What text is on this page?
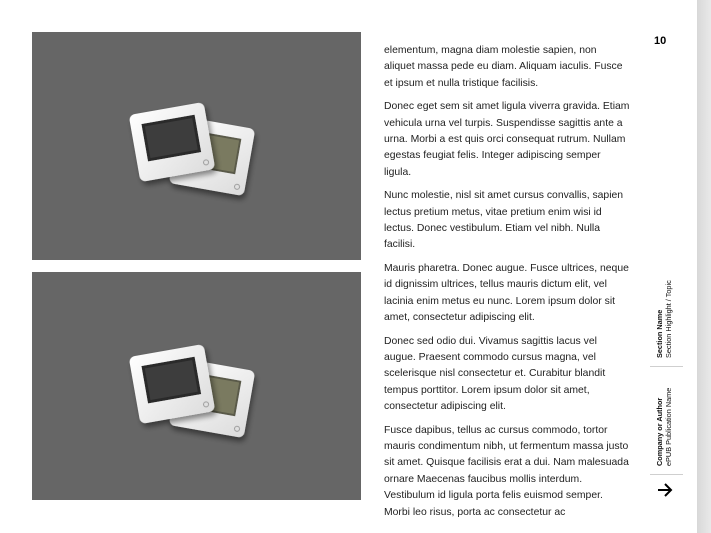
elementum, magna diam molestie sapien, non aliquet massa pede eu diam. Aliquam iaculis. Fusce et ipsum et nulla tristique facilisis.

Donec eget sem sit amet ligula viverra gravida. Etiam vehicula urna vel turpis. Suspendisse sagittis ante a urna. Morbi a est quis orci consequat rutrum. Nullam egestas feugiat felis. Integer adipiscing semper ligula.

Nunc molestie, nisl sit amet cursus convallis, sapien lectus pretium metus, vitae pretium enim wisi id lectus. Donec vestibulum. Etiam vel nibh. Nulla facilisi.

Mauris pharetra. Donec augue. Fusce ultrices, neque id dignissim ultrices, tellus mauris dictum elit, vel lacinia enim metus eu nunc. Lorem ipsum dolor sit amet, consectetur adipiscing elit.

Donec sed odio dui. Vivamus sagittis lacus vel augue. Praesent commodo cursus magna, vel scelerisque nisl consectetur et. Curabitur blandit tempus porttitor. Lorem ipsum dolor sit amet, consectetur adipiscing elit.

Fusce dapibus, tellus ac cursus commodo, tortor mauris condimentum nibh, ut fermentum massa justo sit amet. Quisque facilisis erat a dui. Nam malesuada ornare Maecenas faucibus mollis interdum. Vestibulum id ligula porta felis euismod semper. Morbi leo risus, porta ac consectetur ac

10
Section Name Section Highlight / Topic
Company or Author ePUB Publication Name
